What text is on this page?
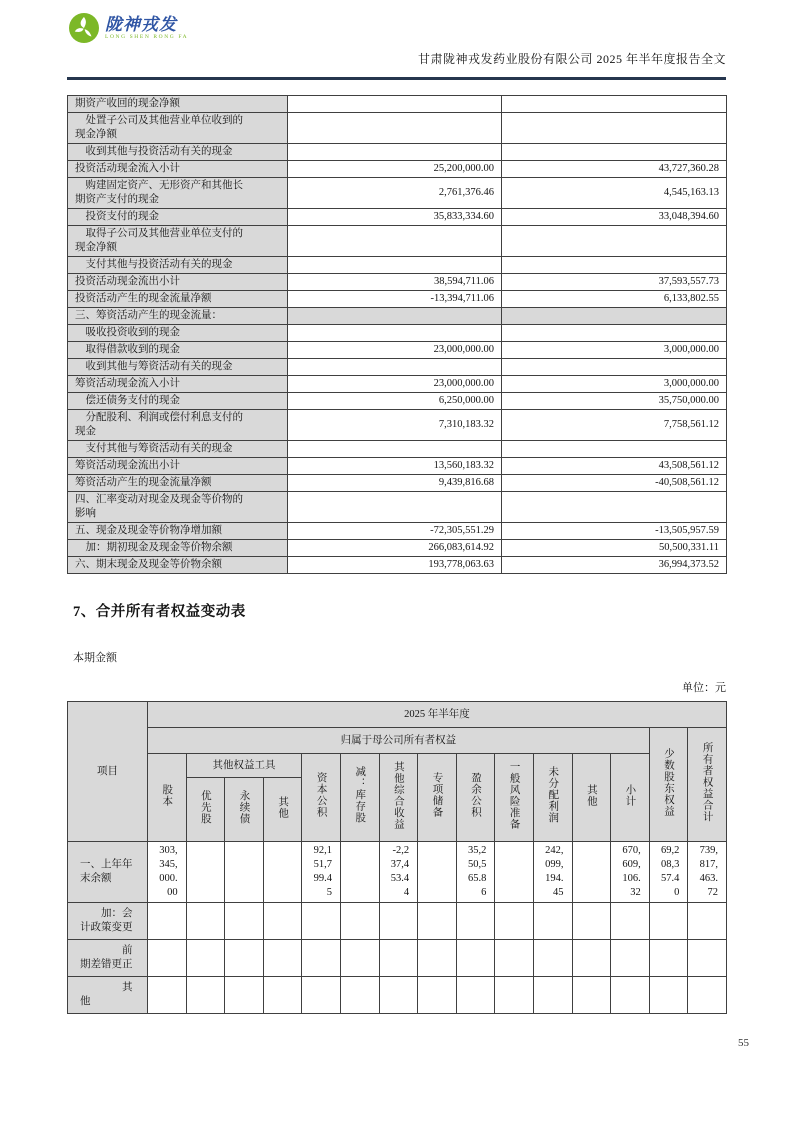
陇神戎发
LONG SHEN RONG FA
甘肃陇神戎发药业股份有限公司 2025 年半年度报告全文
期资产收回的现金净额		
处置子公司及其他营业单位收到的现金净额		
收到其他与投资活动有关的现金		
投资活动现金流入小计	25,200,000.00	43,727,360.28
购建固定资产、无形资产和其他长期资产支付的现金	2,761,376.46	4,545,163.13
投资支付的现金	35,833,334.60	33,048,394.60
取得子公司及其他营业单位支付的现金净额		
支付其他与投资活动有关的现金		
投资活动现金流出小计	38,594,711.06	37,593,557.73
投资活动产生的现金流量净额	-13,394,711.06	6,133,802.55
三、筹资活动产生的现金流量：		
吸收投资收到的现金		
取得借款收到的现金	23,000,000.00	3,000,000.00
收到其他与筹资活动有关的现金		
筹资活动现金流入小计	23,000,000.00	3,000,000.00
偿还债务支付的现金	6,250,000.00	35,750,000.00
分配股利、利润或偿付利息支付的现金	7,310,183.32	7,758,561.12
支付其他与筹资活动有关的现金		
筹资活动现金流出小计	13,560,183.32	43,508,561.12
筹资活动产生的现金流量净额	9,439,816.68	-40,508,561.12
四、汇率变动对现金及现金等价物的影响		
五、现金及现金等价物净增加额	-72,305,551.29	-13,505,957.59
加：期初现金及现金等价物余额	266,083,614.92	50,500,331.11
六、期末现金及现金等价物余额	193,778,063.63	36,994,373.52
7、合并所有者权益变动表
本期金额
单位：元
项目	2025 年半年度														
	归属于母公司所有者权益													少数股东权益	所有者权益合计
	股本	其他权益工具			资本公积	减：库存股	其他综合收益	专项储备	盈余公积	一般风险准备	未分配利润	其他	小计		
		优先股	永续债	其他											
一、上年年末余额	303,345,000.00				92,151,799.45		-2,237,453.44		35,250,565.86		242,099,194.45		670,609,106.32	69,208,357.40	739,817,463.72
加：会计政策变更															
前期差错更正															
其他															
55
